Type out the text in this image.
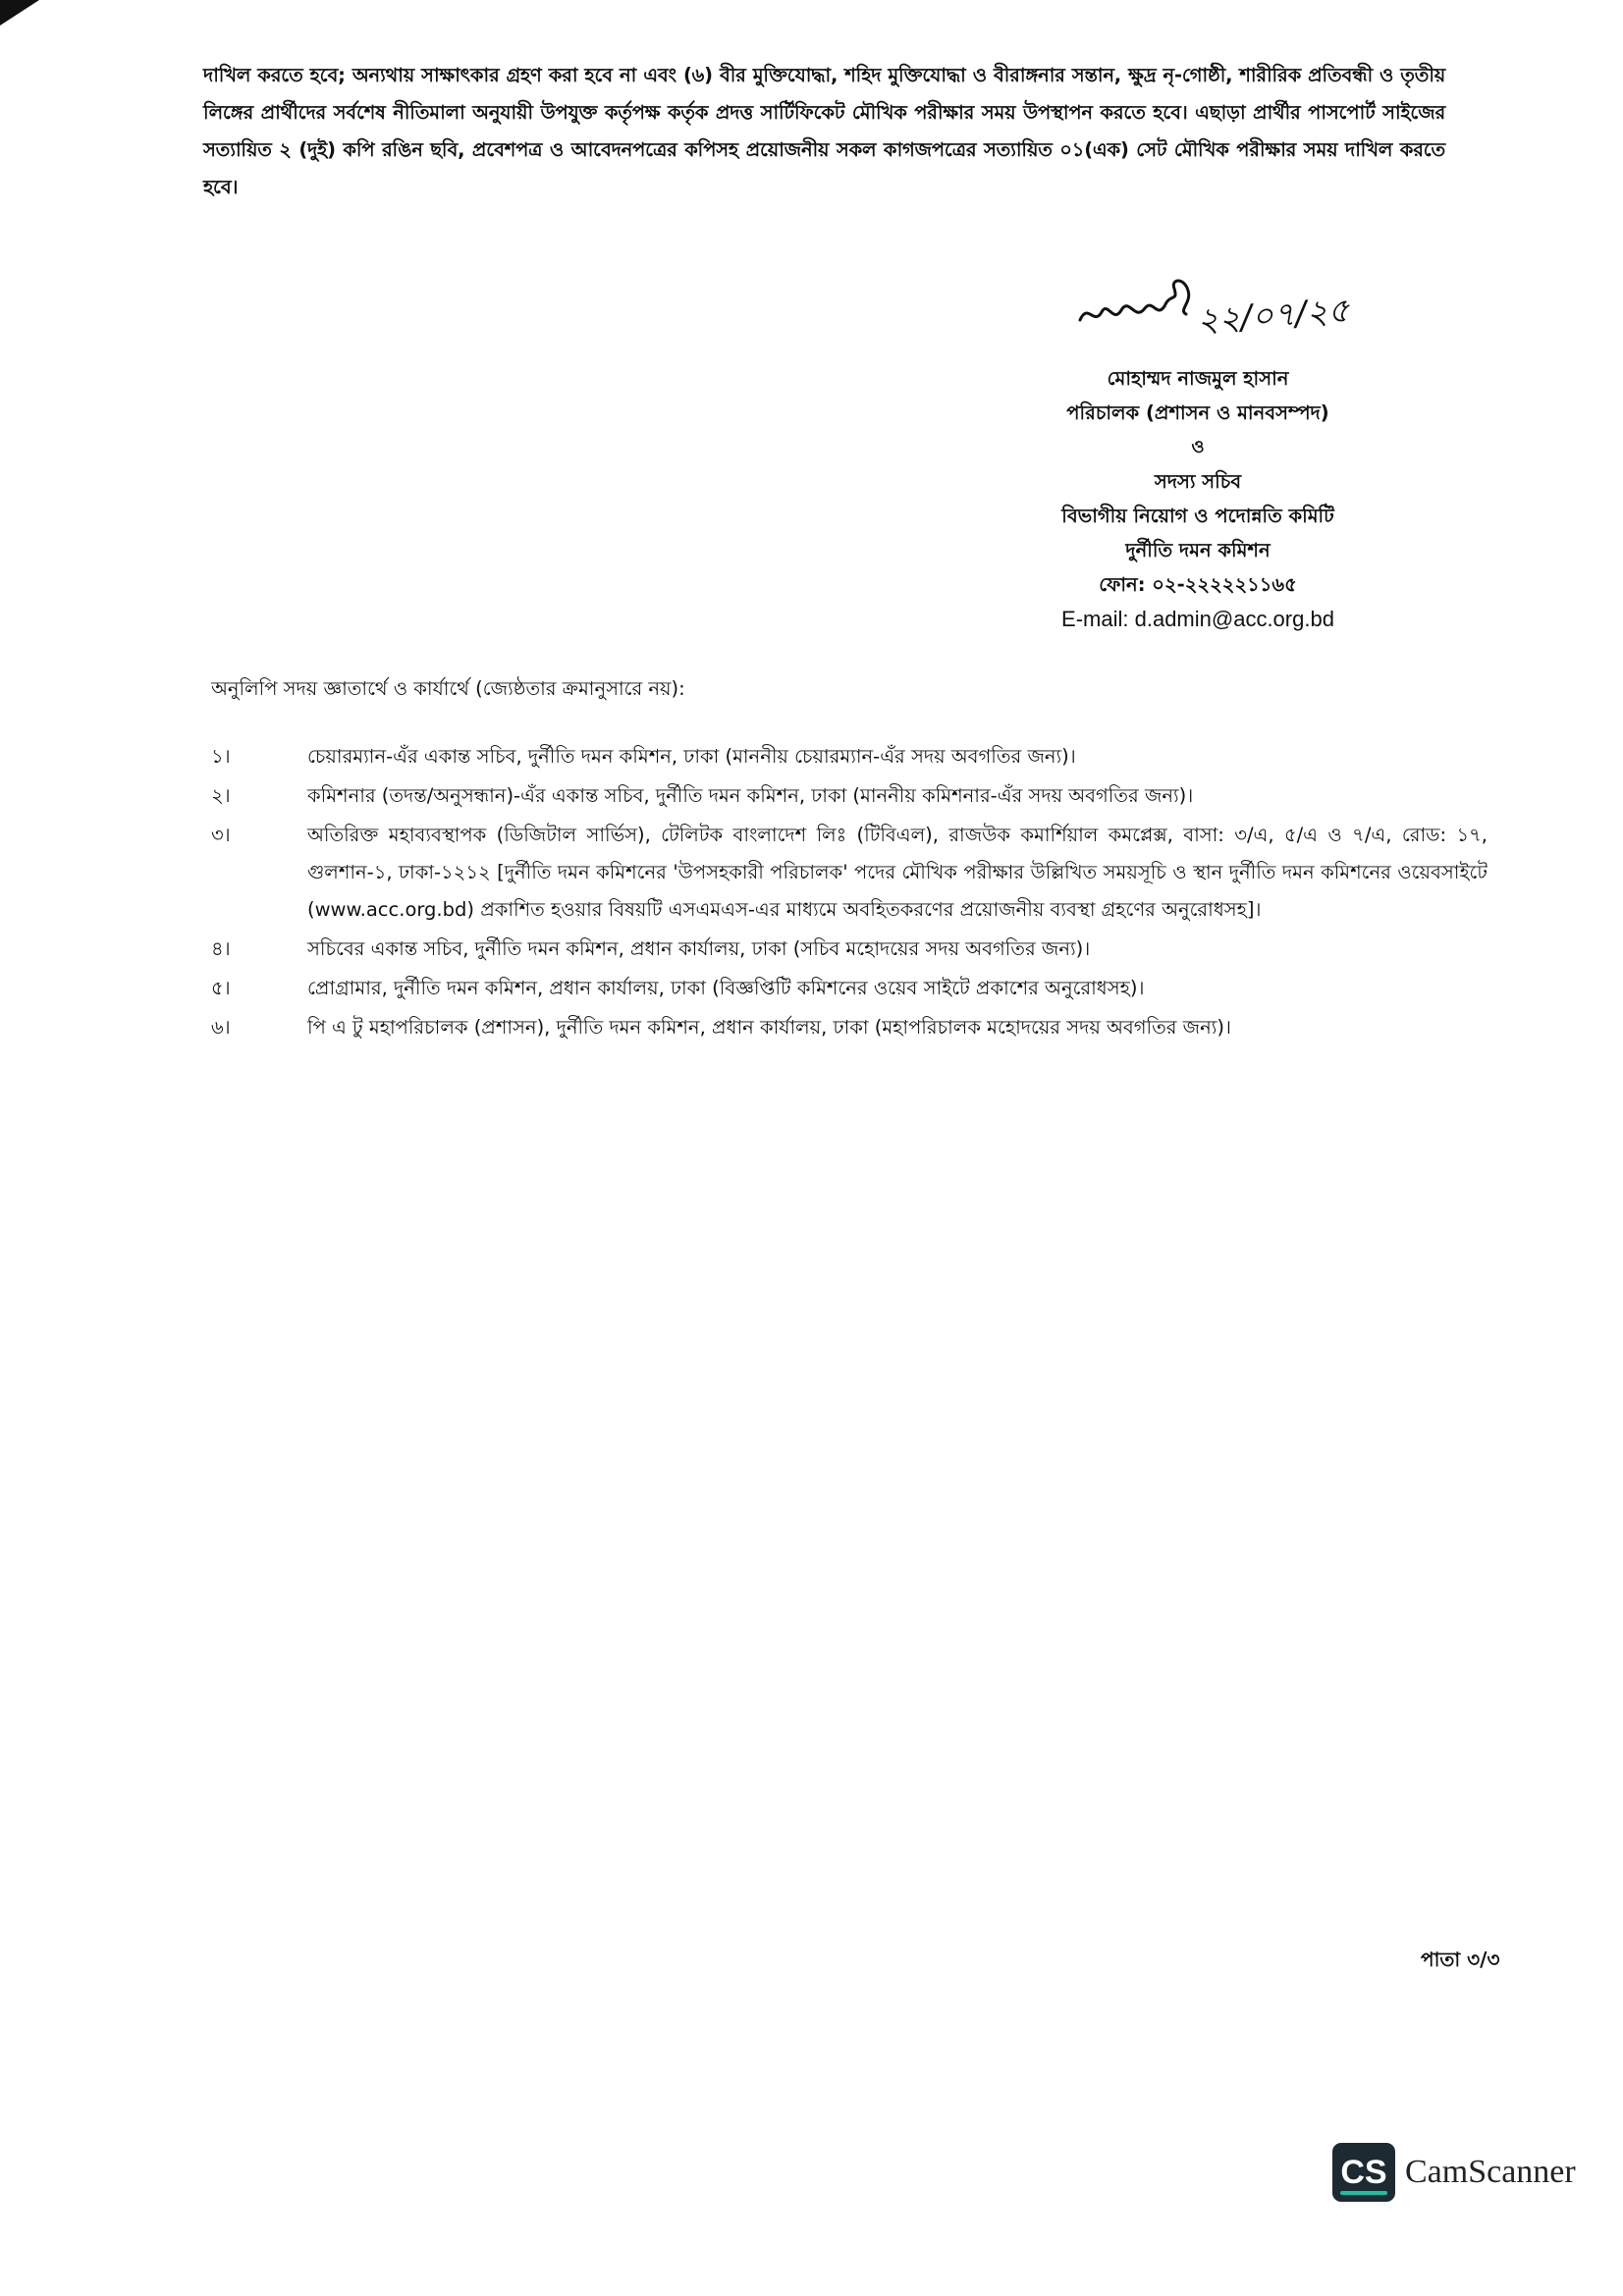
দাখিল করতে হবে; অন্যথায় সাক্ষাৎকার গ্রহণ করা হবে না এবং (৬) বীর মুক্তিযোদ্ধা, শহিদ মুক্তিযোদ্ধা ও বীরাঙ্গনার সন্তান, ক্ষুদ্র নৃ-গোষ্ঠী, শারীরিক প্রতিবন্ধী ও তৃতীয় লিঙ্গের প্রার্থীদের সর্বশেষ নীতিমালা অনুযায়ী উপযুক্ত কর্তৃপক্ষ কর্তৃক প্রদত্ত সার্টিফিকেট মৌখিক পরীক্ষার সময় উপস্থাপন করতে হবে। এছাড়া প্রার্থীর পাসপোর্ট সাইজের সত্যায়িত ২ (দুই) কপি রঙিন ছবি, প্রবেশপত্র ও আবেদনপত্রের কপিসহ প্রয়োজনীয় সকল কাগজপত্রের সত্যায়িত ০১(এক) সেট মৌখিক পরীক্ষার সময় দাখিল করতে হবে।

২২/০৭/২৫
মোহাম্মদ নাজমুল হাসান
পরিচালক (প্রশাসন ও মানবসম্পদ)
ও
সদস্য সচিব
বিভাগীয় নিয়োগ ও পদোন্নতি কমিটি
দুর্নীতি দমন কমিশন
ফোন: ০২-২২২২২১১৬৫
E-mail: d.admin@acc.org.bd
অনুলিপি সদয় জ্ঞাতার্থে ও কার্যার্থে (জ্যেষ্ঠতার ক্রমানুসারে নয়):
১।	চেয়ারম্যান-এঁর একান্ত সচিব, দুর্নীতি দমন কমিশন, ঢাকা (মাননীয় চেয়ারম্যান-এঁর সদয় অবগতির জন্য)।
২।	কমিশনার (তদন্ত/অনুসন্ধান)-এঁর একান্ত সচিব, দুর্নীতি দমন কমিশন, ঢাকা (মাননীয় কমিশনার-এঁর সদয় অবগতির জন্য)।
৩।	অতিরিক্ত মহাব্যবস্থাপক (ডিজিটাল সার্ভিস), টেলিটক বাংলাদেশ লিঃ (টিবিএল), রাজউক কমার্শিয়াল কমপ্লেক্স, বাসা: ৩/এ, ৫/এ ও ৭/এ, রোড: ১৭, গুলশান-১, ঢাকা-১২১২ [দুর্নীতি দমন কমিশনের 'উপসহকারী পরিচালক' পদের মৌখিক পরীক্ষার উল্লিখিত সময়সূচি ও স্থান দুর্নীতি দমন কমিশনের ওয়েবসাইটে (www.acc.org.bd) প্রকাশিত হওয়ার বিষয়টি এসএমএস-এর মাধ্যমে অবহিতকরণের প্রয়োজনীয় ব্যবস্থা গ্রহণের অনুরোধসহ]।
৪।	সচিবের একান্ত সচিব, দুর্নীতি দমন কমিশন, প্রধান কার্যালয়, ঢাকা (সচিব মহোদয়ের সদয় অবগতির জন্য)।
৫।	প্রোগ্রামার, দুর্নীতি দমন কমিশন, প্রধান কার্যালয়, ঢাকা (বিজ্ঞপ্তিটি কমিশনের ওয়েব সাইটে প্রকাশের অনুরোধসহ)।
৬।	পি এ টু মহাপরিচালক (প্রশাসন), দুর্নীতি দমন কমিশন, প্রধান কার্যালয়, ঢাকা (মহাপরিচালক মহোদয়ের সদয় অবগতির জন্য)।
পাতা ৩/৩
CS CamScanner
